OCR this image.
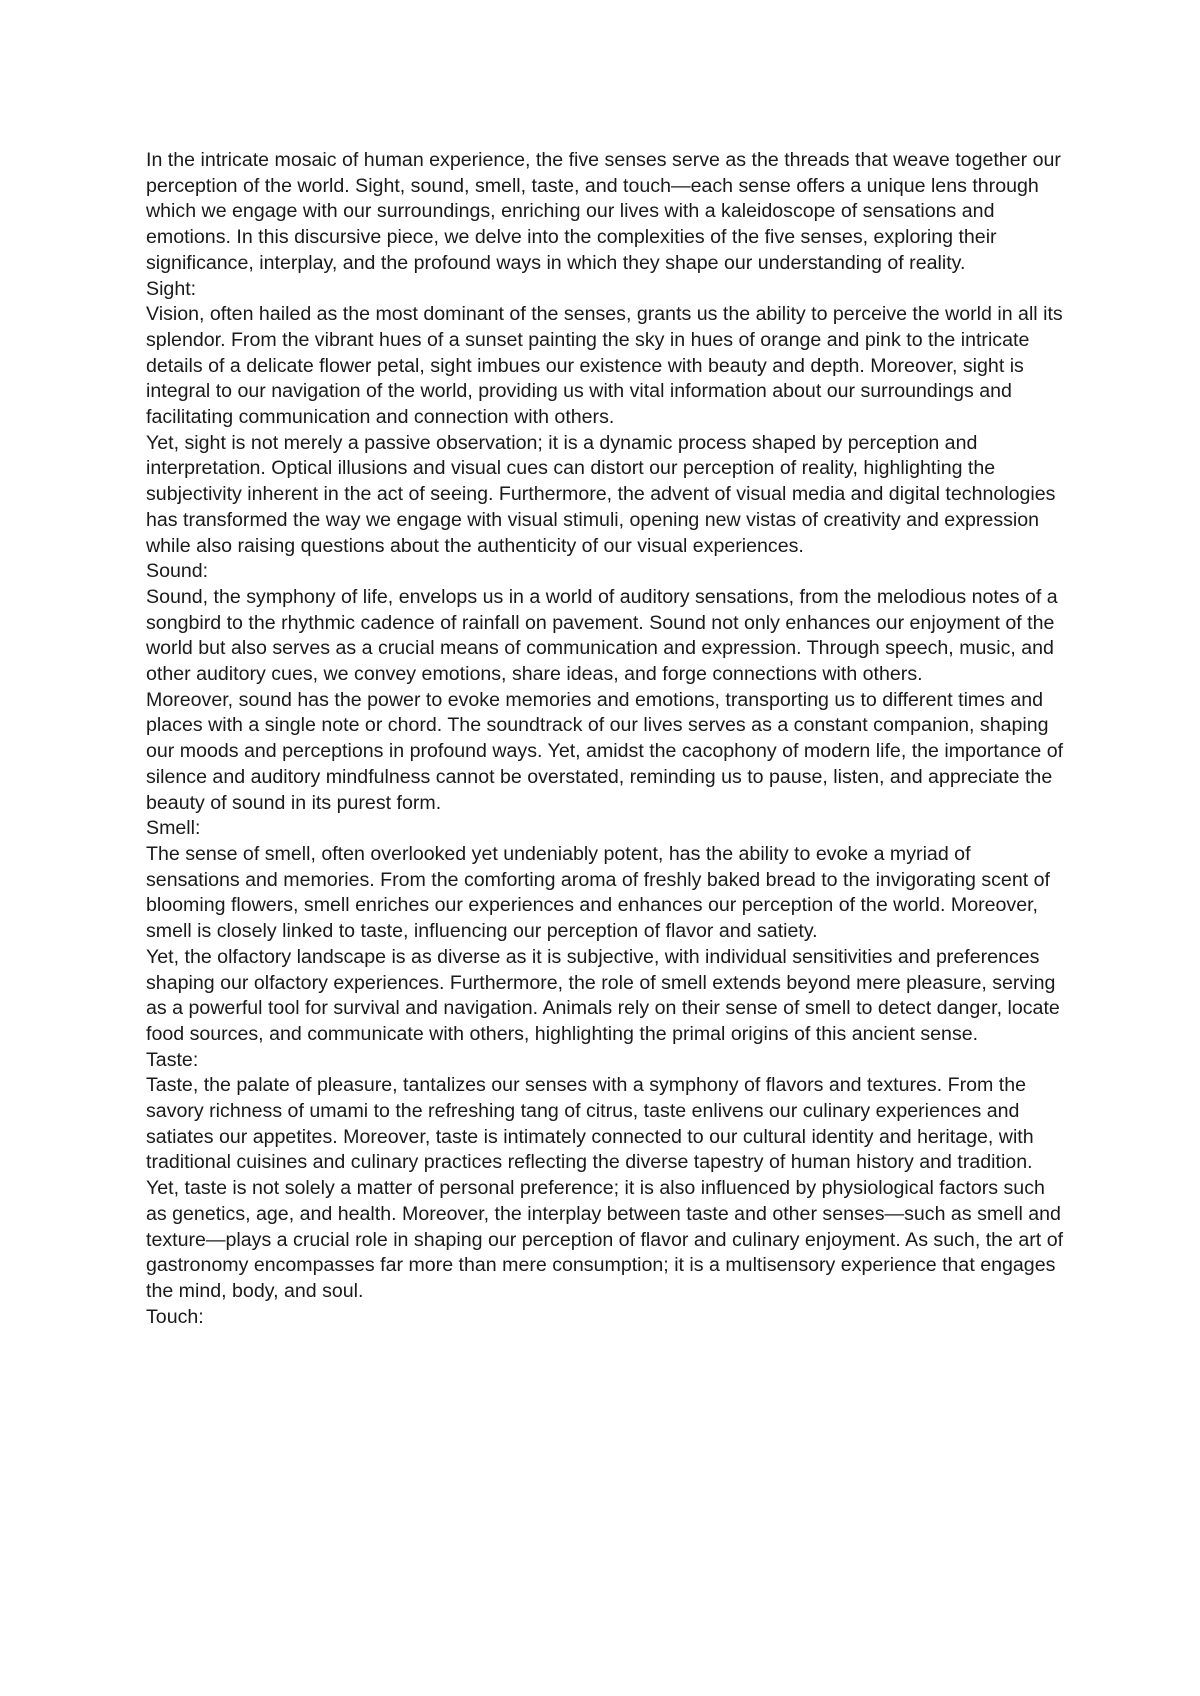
In the intricate mosaic of human experience, the five senses serve as the threads that weave together our perception of the world. Sight, sound, smell, taste, and touch—each sense offers a unique lens through which we engage with our surroundings, enriching our lives with a kaleidoscope of sensations and emotions. In this discursive piece, we delve into the complexities of the five senses, exploring their significance, interplay, and the profound ways in which they shape our understanding of reality.

Sight:

Vision, often hailed as the most dominant of the senses, grants us the ability to perceive the world in all its splendor. From the vibrant hues of a sunset painting the sky in hues of orange and pink to the intricate details of a delicate flower petal, sight imbues our existence with beauty and depth. Moreover, sight is integral to our navigation of the world, providing us with vital information about our surroundings and facilitating communication and connection with others.

Yet, sight is not merely a passive observation; it is a dynamic process shaped by perception and interpretation. Optical illusions and visual cues can distort our perception of reality, highlighting the subjectivity inherent in the act of seeing. Furthermore, the advent of visual media and digital technologies has transformed the way we engage with visual stimuli, opening new vistas of creativity and expression while also raising questions about the authenticity of our visual experiences.

Sound:

Sound, the symphony of life, envelops us in a world of auditory sensations, from the melodious notes of a songbird to the rhythmic cadence of rainfall on pavement. Sound not only enhances our enjoyment of the world but also serves as a crucial means of communication and expression. Through speech, music, and other auditory cues, we convey emotions, share ideas, and forge connections with others.

Moreover, sound has the power to evoke memories and emotions, transporting us to different times and places with a single note or chord. The soundtrack of our lives serves as a constant companion, shaping our moods and perceptions in profound ways. Yet, amidst the cacophony of modern life, the importance of silence and auditory mindfulness cannot be overstated, reminding us to pause, listen, and appreciate the beauty of sound in its purest form.

Smell:

The sense of smell, often overlooked yet undeniably potent, has the ability to evoke a myriad of sensations and memories. From the comforting aroma of freshly baked bread to the invigorating scent of blooming flowers, smell enriches our experiences and enhances our perception of the world. Moreover, smell is closely linked to taste, influencing our perception of flavor and satiety.

Yet, the olfactory landscape is as diverse as it is subjective, with individual sensitivities and preferences shaping our olfactory experiences. Furthermore, the role of smell extends beyond mere pleasure, serving as a powerful tool for survival and navigation. Animals rely on their sense of smell to detect danger, locate food sources, and communicate with others, highlighting the primal origins of this ancient sense.

Taste:

Taste, the palate of pleasure, tantalizes our senses with a symphony of flavors and textures. From the savory richness of umami to the refreshing tang of citrus, taste enlivens our culinary experiences and satiates our appetites. Moreover, taste is intimately connected to our cultural identity and heritage, with traditional cuisines and culinary practices reflecting the diverse tapestry of human history and tradition.

Yet, taste is not solely a matter of personal preference; it is also influenced by physiological factors such as genetics, age, and health. Moreover, the interplay between taste and other senses—such as smell and texture—plays a crucial role in shaping our perception of flavor and culinary enjoyment. As such, the art of gastronomy encompasses far more than mere consumption; it is a multisensory experience that engages the mind, body, and soul.

Touch:
